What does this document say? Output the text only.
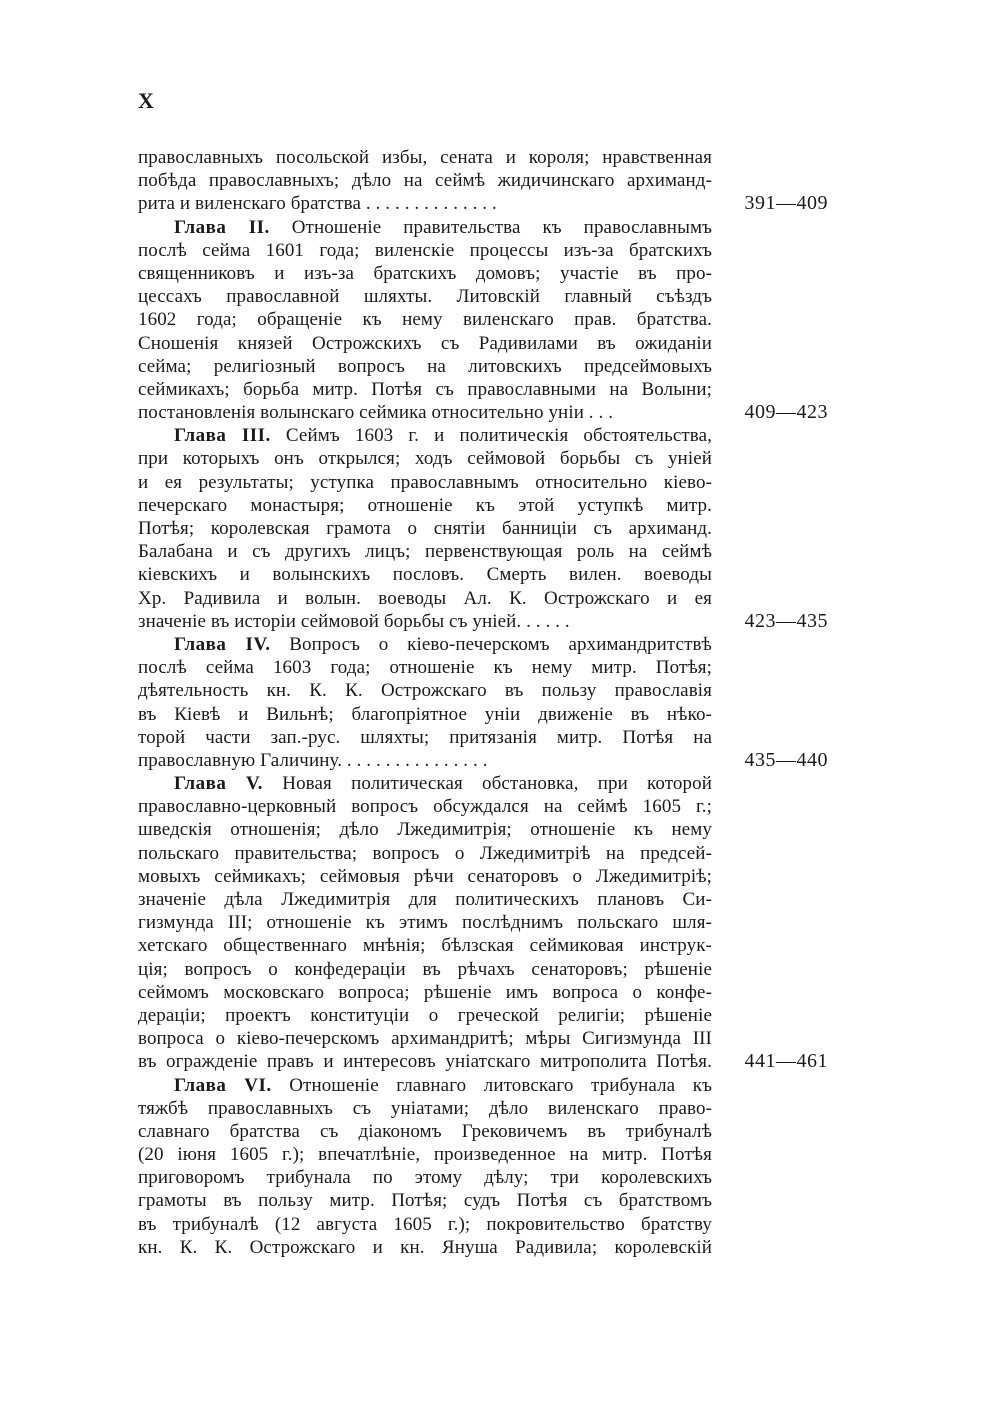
X
православныхъ посольской избы, сената и короля; нравственная
побѣда православныхъ; дѣло на сеймѣ жидичинскаго архиманд-
рита и виленскаго братства . . . . . . . . . . . . . .	391—409
Глава II. Отношеніе правительства къ православнымъ
послѣ сейма 1601 года; виленскіе процессы изъ-за братскихъ
священниковъ и изъ-за братскихъ домовъ; участіе въ про-
цессахъ православной шляхты. Литовскій главный съѣздъ
1602 года; обращеніе къ нему виленскаго прав. братства.
Сношенія князей Острожскихъ съ Радивилами въ ожиданіи
сейма; религіозный вопросъ на литовскихъ предсеймовыхъ
сеймикахъ; борьба митр. Потѣя съ православными на Волыни;
постановленія волынскаго сеймика относительно уніи . . .	409—423
Глава III. Сеймъ 1603 г. и политическія обстоятельства,
при которыхъ онъ открылся; ходъ сеймовой борьбы съ уніей
и ея результаты; уступка православнымъ относительно кіево-
печерскаго монастыря; отношеніе къ этой уступкѣ митр.
Потѣя; королевская грамота о снятіи банниціи съ архиманд.
Балабана и съ другихъ лицъ; первенствующая роль на сеймѣ
кіевскихъ и волынскихъ пословъ. Смерть вилен. воеводы
Хр. Радивила и волын. воеводы Ал. К. Острожскаго и ея
значеніе въ исторіи сеймовой борьбы съ уніей. . . . . .	423—435
Глава IV. Вопросъ о кіево-печерскомъ архимандритствѣ
послѣ сейма 1603 года; отношеніе къ нему митр. Потѣя;
дѣятельность кн. К. К. Острожскаго въ пользу православія
въ Кіевѣ и Вильнѣ; благопріятное уніи движеніе въ нѣко-
торой части зап.-рус. шляхты; притязанія митр. Потѣя на
православную Галичину. . . . . . . . . . . . . . . .	435—440
Глава V. Новая политическая обстановка, при которой
православно-церковный вопросъ обсуждался на сеймѣ 1605 г.;
шведскія отношенія; дѣло Лжедимитрія; отношеніе къ нему
польскаго правительства; вопросъ о Лжедимитріѣ на предсей-
мовыхъ сеймикахъ; сеймовыя рѣчи сенаторовъ о Лжедимитріѣ;
значеніе дѣла Лжедимитрія для политическихъ плановъ Си-
гизмунда III; отношеніе къ этимъ послѣднимъ польскаго шля-
хетскаго общественнаго мнѣнія; бѣлзская сеймиковая инструк-
ція; вопросъ о конфедераціи въ рѣчахъ сенаторовъ; рѣшеніе
сеймомъ московскаго вопроса; рѣшеніе имъ вопроса о конфе-
дераціи; проектъ конституціи о греческой религіи; рѣшеніе
вопроса о кіево-печерскомъ архимандритѣ; мѣры Сигизмунда III
въ огражденіе правъ и интересовъ уніатскаго митрополита Потѣя.	441—461
Глава VI. Отношеніе главнаго литовскаго трибунала къ
тяжбѣ православныхъ съ уніатами; дѣло виленскаго право-
славнаго братства съ діакономъ Грековичемъ въ трибуналѣ
(20 іюня 1605 г.); впечатлѣніе, произведенное на митр. Потѣя
приговоромъ трибунала по этому дѣлу; три королевскихъ
грамоты въ пользу митр. Потѣя; судъ Потѣя съ братствомъ
въ трибуналѣ (12 августа 1605 г.); покровительство братству
кн. К. К. Острожскаго и кн. Януша Радивила; королевскій
